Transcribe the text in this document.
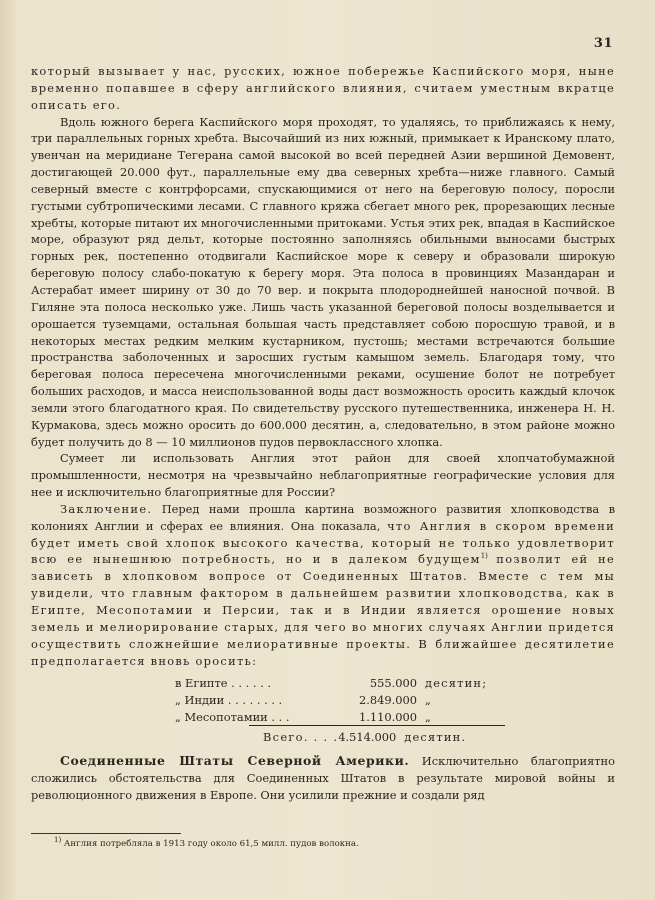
31

который вызывает у нас, русских, южное побережье Каспийского моря, ныне временно попавшее в сферу английского влияния, считаем уместным вкратце описать его.

Вдоль южного берега Каспийского моря проходят, то удаляясь, то приближаясь к нему, три параллельных горных хребта. Высочайший из них южный, примыкает к Иранскому плато, увенчан на меридиане Тегерана самой высокой во всей передней Азии вершиной Демовент, достигающей 20.000 фут., параллельные ему два северных хребта—ниже главного. Самый северный вместе с контрфорсами, спускающимися от него на береговую полосу, поросли густыми субтропическими лесами. С главного кряжа сбегает много рек, прорезающих лесные хребты, которые питают их многочисленными притоками. Устья этих рек, впадая в Каспийское море, образуют ряд дельт, которые постоянно заполняясь обильными выносами быстрых горных рек, постепенно отодвигали Каспийское море к северу и образовали широкую береговую полосу слабо-покатую к берегу моря. Эта полоса в провинциях Мазандаран и Астерабат имеет ширину от 30 до 70 вер. и покрыта плодороднейшей наносной почвой. В Гиляне эта полоса несколько уже. Лишь часть указанной береговой полосы возделывается и орошается туземцами, остальная большая часть представляет собою поросшую травой, и в некоторых местах редким мелким кустарником, пустошь; местами встречаются большие пространства заболоченных и заросших густым камышом земель. Благодаря тому, что береговая полоса пересечена многочисленными реками, осушение болот не потребует больших расходов, и масса неиспользованной воды даст возможность оросить каждый клочок земли этого благодатного края. По свидетельству русского путешественника, инженера Н. Н. Курмакова, здесь можно оросить до 600.000 десятин, а, следовательно, в этом районе можно будет получить до 8 — 10 миллионов пудов первоклассного хлопка.

Сумеет ли использовать Англия этот район для своей хлопчатобумажной промышленности, несмотря на чрезвычайно неблагоприятные географические условия для нее и исключительно благоприятные для России?

Заключение. Перед нами прошла картина возможного развития хлопководства в колониях Англии и сферах ее влияния. Она показала, что Англия в скором времени будет иметь свой хлопок высокого качества, который не только удовлетворит всю ее нынешнюю потребность, но и в далеком будущем$^{1)}$ позволит ей не зависеть в хлопковом вопросе от Соединенных Штатов. Вместе с тем мы увидели, что главным фактором в дальнейшем развитии хлопководства, как в Египте, Месопотамии и Персии, так и в Индии является орошение новых земель и мелиорирование старых, для чего во многих случаях Англии придется осуществить сложнейшие мелиоративные проекты. В ближайшее десятилетие предполагается вновь оросить:

в Египте . . . . . .	555.000 десятин;
„ Индии . . . . . . . .	2.849.000 „
„ Месопотамии . . .	1.110.000 „
Всего. . . .4.514.000 десятин.

Соединенные Штаты Северной Америки. Исключительно благоприятно сложились обстоятельства для Соединенных Штатов в результате мировой войны и революционного движения в Европе. Они усилили прежние и создали ряд

$^{1)}$ Англия потребляла в 1913 году около 61,5 милл. пудов волокна.
